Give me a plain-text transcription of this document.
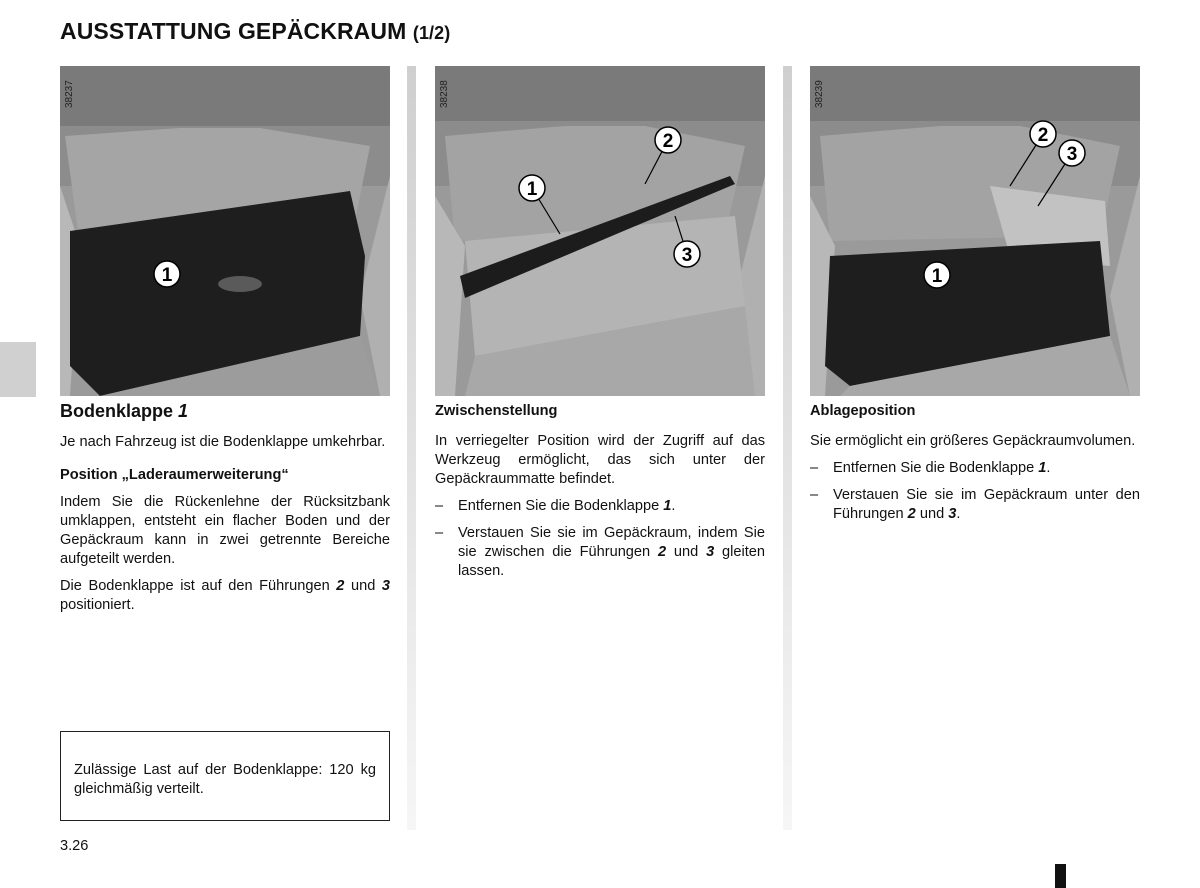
AUSSTATTUNG GEPÄCKRAUM (1/2)
1
38237
1
2
3
38238
2
3
1
38239
Bodenklappe 1

Je nach Fahrzeug ist die Bodenklappe umkehrbar.

Position „Laderaumerweiterung“

Indem Sie die Rückenlehne der Rücksitzbank umklappen, entsteht ein flacher Boden und der Gepäckraum kann in zwei getrennte Bereiche aufgeteilt werden.

Die Bodenklappe ist auf den Führungen 2 und 3 positioniert.

Zulässige Last auf der Bodenklappe: 120 kg gleichmäßig verteilt.
Zwischenstellung

In verriegelter Position wird der Zugriff auf das Werkzeug ermöglicht, das sich unter der Gepäckraummatte befindet.

–	Entfernen Sie die Bodenklappe 1.
–	Verstauen Sie sie im Gepäckraum, indem Sie sie zwischen die Führungen 2 und 3 gleiten lassen.
Ablageposition

Sie ermöglicht ein größeres Gepäckraumvolumen.

–	Entfernen Sie die Bodenklappe 1.
–	Verstauen Sie sie im Gepäckraum unter den Führungen 2 und 3.
3.26
